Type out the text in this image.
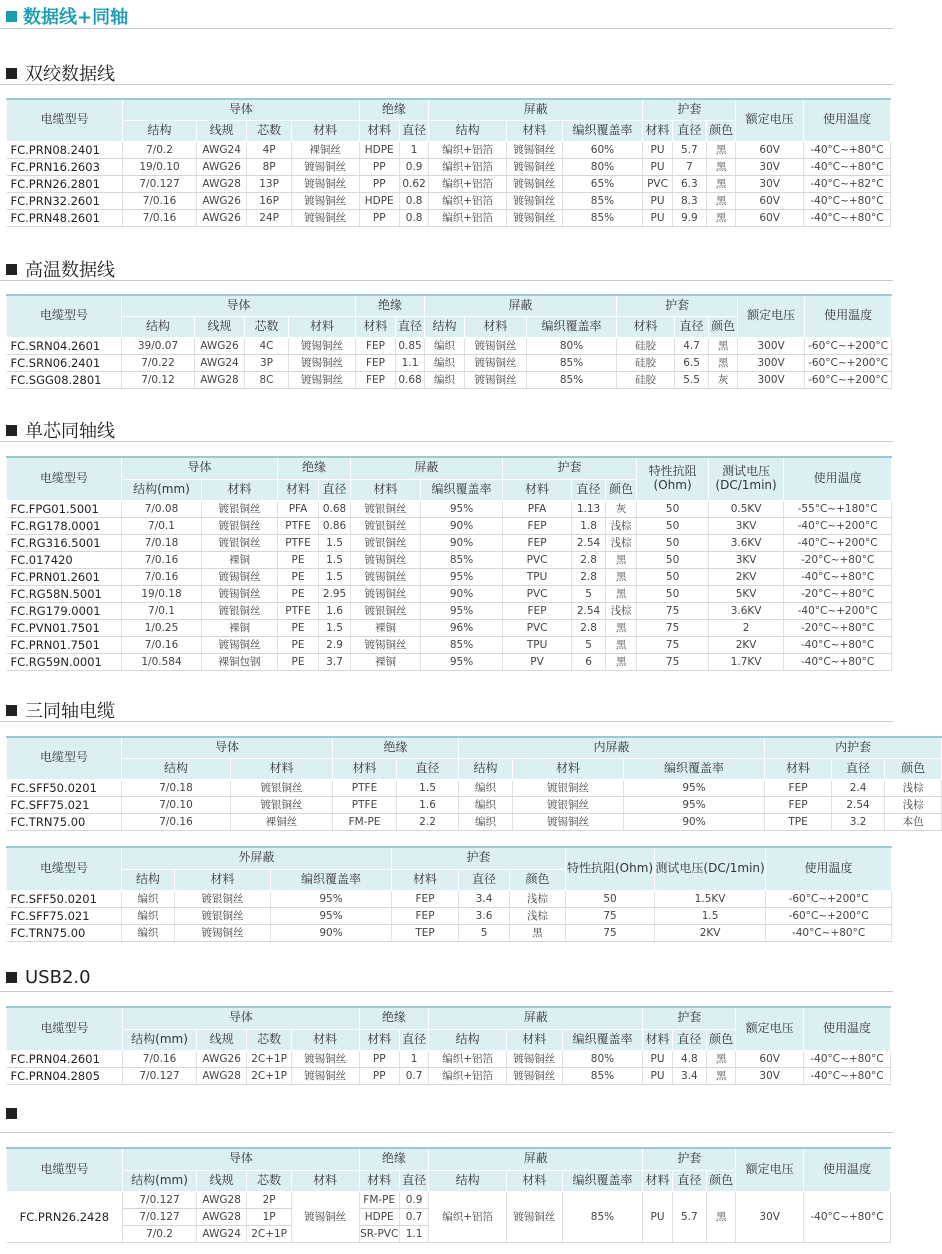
数据线+同轴
双绞数据线
电缆型号	导体				绝缘		屏蔽			护套			额定电压	使用温度
	结构	线规	芯数	材料	材料	直径	结构	材料	编织覆盖率	材料	直径	颜色		
FC.PRN08.2401	7/0.2	AWG24	4P	裸铜丝	HDPE	1	编织+铝箔	镀锡铜丝	60%	PU	5.7	黑	60V	-40°C~+80°C
FC.PRN16.2603	19/0.10	AWG26	8P	镀锡铜丝	PP	0.9	编织+铝箔	镀锡铜丝	80%	PU	7	黑	30V	-40°C~+80°C
FC.PRN26.2801	7/0.127	AWG28	13P	镀锡铜丝	PP	0.62	编织+铝箔	镀锡铜丝	65%	PVC	6.3	黑	30V	-40°C~+82°C
FC.PRN32.2601	7/0.16	AWG26	16P	镀锡铜丝	HDPE	0.8	编织+铝箔	镀锡铜丝	85%	PU	8.3	黑	60V	-40°C~+80°C
FC.PRN48.2601	7/0.16	AWG26	24P	镀锡铜丝	PP	0.8	编织+铝箔	镀锡铜丝	85%	PU	9.9	黑	60V	-40°C~+80°C
高温数据线
电缆型号	导体				绝缘		屏蔽			护套			额定电压	使用温度
	结构	线规	芯数	材料	材料	直径	结构	材料	编织覆盖率	材料	直径	颜色		
FC.SRN04.2601	39/0.07	AWG26	4C	镀锡铜丝	FEP	0.85	编织	镀锡铜丝	80%	硅胶	4.7	黑	300V	-60°C~+200°C
FC.SRN06.2401	7/0.22	AWG24	3P	镀锡铜丝	FEP	1.1	编织	镀锡铜丝	85%	硅胶	6.5	黑	300V	-60°C~+200°C
FC.SGG08.2801	7/0.12	AWG28	8C	镀锡铜丝	FEP	0.68	编织	镀锡铜丝	85%	硅胶	5.5	灰	300V	-60°C~+200°C
单芯同轴线
电缆型号	导体		绝缘		屏蔽		护套			特性抗阻(Ohm)	测试电压(DC/1min)	使用温度
	结构(mm)	材料	材料	直径	材料	编织覆盖率	材料	直径	颜色			
FC.FPG01.5001	7/0.08	镀银铜丝	PFA	0.68	镀银铜丝	95%	PFA	1.13	灰	50	0.5KV	-55°C~+180°C
FC.RG178.0001	7/0.1	镀银铜丝	PTFE	0.86	镀银铜丝	90%	FEP	1.8	浅棕	50	3KV	-40°C~+200°C
FC.RG316.5001	7/0.18	镀银铜丝	PTFE	1.5	镀银铜丝	90%	FEP	2.54	浅棕	50	3.6KV	-40°C~+200°C
FC.017420	7/0.16	裸铜	PE	1.5	镀锡铜丝	85%	PVC	2.8	黑	50	3KV	-20°C~+80°C
FC.PRN01.2601	7/0.16	镀锡铜丝	PE	1.5	镀锡铜丝	95%	TPU	2.8	黑	50	2KV	-40°C~+80°C
FC.RG58N.5001	19/0.18	镀锡铜丝	PE	2.95	镀锡铜丝	90%	PVC	5	黑	50	5KV	-20°C~+80°C
FC.RG179.0001	7/0.1	镀银铜丝	PTFE	1.6	镀银铜丝	95%	FEP	2.54	浅棕	75	3.6KV	-40°C~+200°C
FC.PVN01.7501	1/0.25	裸铜	PE	1.5	裸铜	96%	PVC	2.8	黑	75	2	-20°C~+80°C
FC.PRN01.7501	7/0.16	镀锡铜丝	PE	2.9	镀锡铜丝	85%	TPU	5	黑	75	2KV	-40°C~+80°C
FC.RG59N.0001	1/0.584	裸铜包钢	PE	3.7	裸铜	95%	PV	6	黑	75	1.7KV	-40°C~+80°C
三同轴电缆
电缆型号	导体		绝缘		内屏蔽			内护套		
	结构	材料	材料	直径	结构	材料	编织覆盖率	材料	直径	颜色
FC.SFF50.0201	7/0.18	镀银铜丝	PTFE	1.5	编织	镀银铜丝	95%	FEP	2.4	浅棕
FC.SFF75.021	7/0.10	镀银铜丝	PTFE	1.6	编织	镀银铜丝	95%	FEP	2.54	浅棕
FC.TRN75.00	7/0.16	裸铜丝	FM-PE	2.2	编织	镀锡铜丝	90%	TPE	3.2	本色
电缆型号	外屏蔽			护套			特性抗阻(Ohm)	测试电压(DC/1min)	使用温度
	结构	材料	编织覆盖率	材料	直径	颜色			
FC.SFF50.0201	编织	镀银铜丝	95%	FEP	3.4	浅棕	50	1.5KV	-60°C~+200°C
FC.SFF75.021	编织	镀银铜丝	95%	FEP	3.6	浅棕	75	1.5	-60°C~+200°C
FC.TRN75.00	编织	镀锡铜丝	90%	TEP	5	黑	75	2KV	-40°C~+80°C
USB2.0
电缆型号	导体				绝缘		屏蔽			护套			额定电压	使用温度
	结构(mm)	线规	芯数	材料	材料	直径	结构	材料	编织覆盖率	材料	直径	颜色		
FC.PRN04.2601	7/0.16	AWG26	2C+1P	镀锡铜丝	PP	1	编织+铝箔	镀锡铜丝	80%	PU	4.8	黑	60V	-40°C~+80°C
FC.PRN04.2805	7/0.127	AWG28	2C+1P	镀锡铜丝	PP	0.7	编织+铝箔	镀锡铜丝	85%	PU	3.4	黑	30V	-40°C~+80°C
电缆型号	导体				绝缘		屏蔽			护套			额定电压	使用温度
	结构(mm)	线规	芯数	材料	材料	直径	结构	材料	编织覆盖率	材料	直径	颜色		
FC.PRN26.2428	7/0.127	AWG28	2P	镀锡铜丝	FM-PE	0.9	编织+铝箔	镀锡铜丝	85%	PU	5.7	黑	30V	-40°C~+80°C
	7/0.127	AWG28	1P		HDPE	0.7								
	7/0.2	AWG24	2C+1P		SR-PVC	1.1								
